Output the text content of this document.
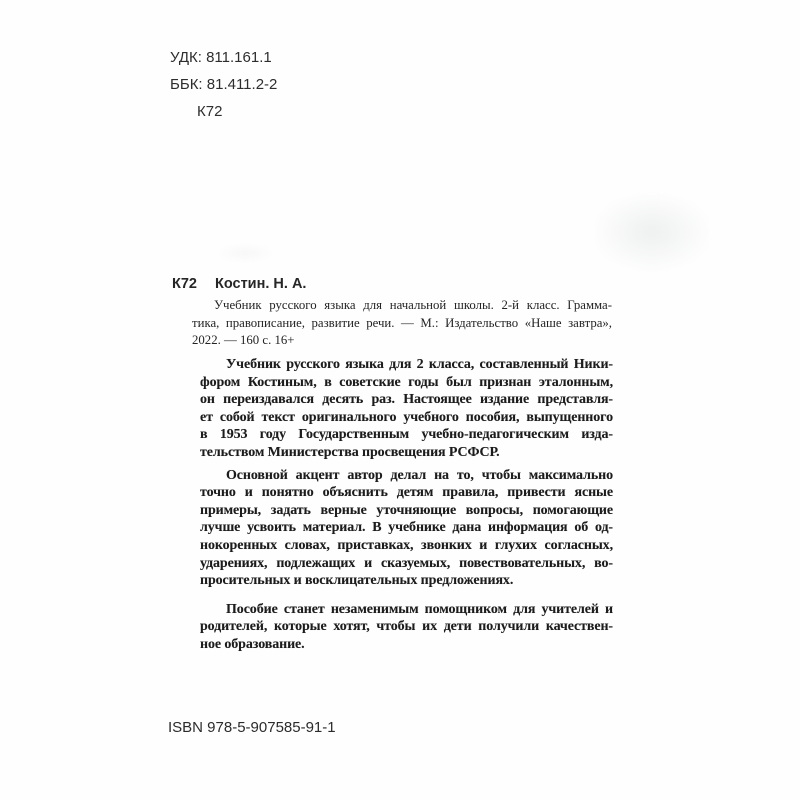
УДК: 811.161.1
ББК: 81.411.2-2
К72
К72	Костин. Н. А.
Учебник русского языка для начальной школы. 2-й класс. Грамма-
тика, правописание, развитие речи. — М.: Издательство «Наше завтра»,
2022. — 160 с. 16+
Учебник русского языка для 2 класса, составленный Ники-
фором Костиным, в советские годы был признан эталонным,
он переиздавался десять раз. Настоящее издание представля-
ет собой текст оригинального учебного пособия, выпущенного
в 1953 году Государственным учебно-педагогическим изда-
тельством Министерства просвещения РСФСР.
Основной акцент автор делал на то, чтобы максимально
точно и понятно объяснить детям правила, привести ясные
примеры, задать верные уточняющие вопросы, помогающие
лучше усвоить материал. В учебнике дана информация об од-
нокоренных словах, приставках, звонких и глухих согласных,
ударениях, подлежащих и сказуемых, повествовательных, во-
просительных и восклицательных предложениях.
Пособие станет незаменимым помощником для учителей и
родителей, которые хотят, чтобы их дети получили качествен-
ное образование.
ISBN 978-5-907585-91-1
